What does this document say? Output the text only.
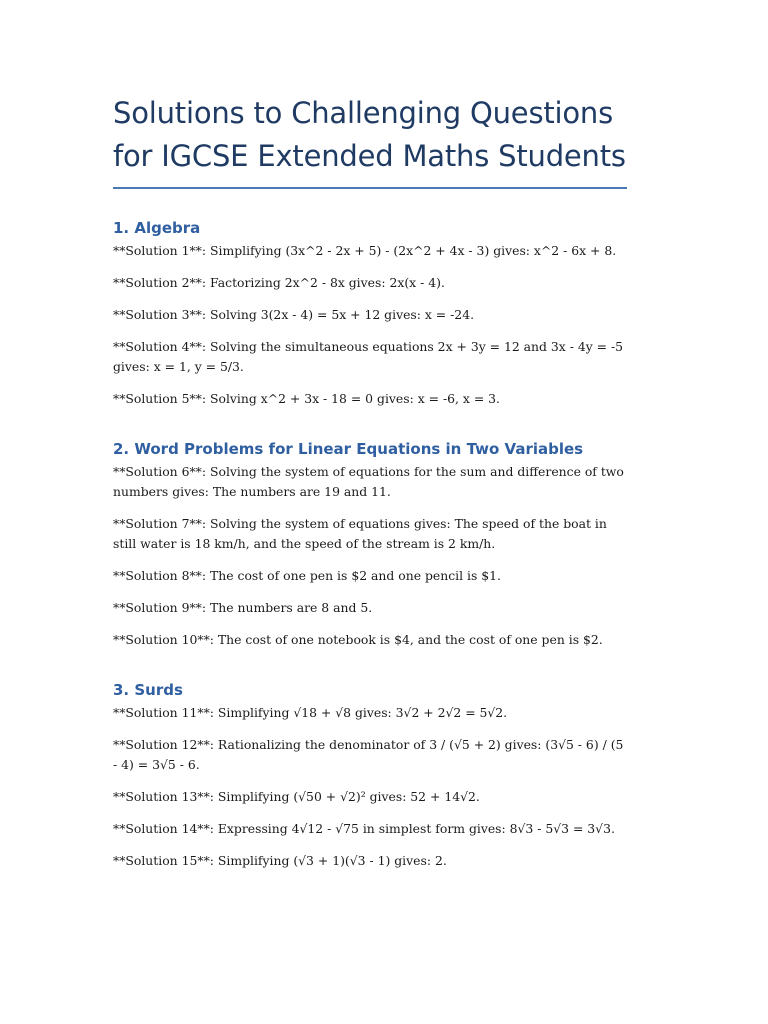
Solutions to Challenging Questions for IGCSE Extended Maths Students
1. Algebra

**Solution 1**: Simplifying (3x^2 - 2x + 5) - (2x^2 + 4x - 3) gives: x^2 - 6x + 8.

**Solution 2**: Factorizing 2x^2 - 8x gives: 2x(x - 4).

**Solution 3**: Solving 3(2x - 4) = 5x + 12 gives: x = -24.

**Solution 4**: Solving the simultaneous equations 2x + 3y = 12 and 3x - 4y = -5 gives: x = 1, y = 5/3.

**Solution 5**: Solving x^2 + 3x - 18 = 0 gives: x = -6, x = 3.

2. Word Problems for Linear Equations in Two Variables

**Solution 6**: Solving the system of equations for the sum and difference of two numbers gives: The numbers are 19 and 11.

**Solution 7**: Solving the system of equations gives: The speed of the boat in still water is 18 km/h, and the speed of the stream is 2 km/h.

**Solution 8**: The cost of one pen is $2 and one pencil is $1.

**Solution 9**: The numbers are 8 and 5.

**Solution 10**: The cost of one notebook is $4, and the cost of one pen is $2.

3. Surds

**Solution 11**: Simplifying √18 + √8 gives: 3√2 + 2√2 = 5√2.

**Solution 12**: Rationalizing the denominator of 3 / (√5 + 2) gives: (3√5 - 6) / (5 - 4) = 3√5 - 6.

**Solution 13**: Simplifying (√50 + √2)² gives: 52 + 14√2.

**Solution 14**: Expressing 4√12 - √75 in simplest form gives: 8√3 - 5√3 = 3√3.

**Solution 15**: Simplifying (√3 + 1)(√3 - 1) gives: 2.
